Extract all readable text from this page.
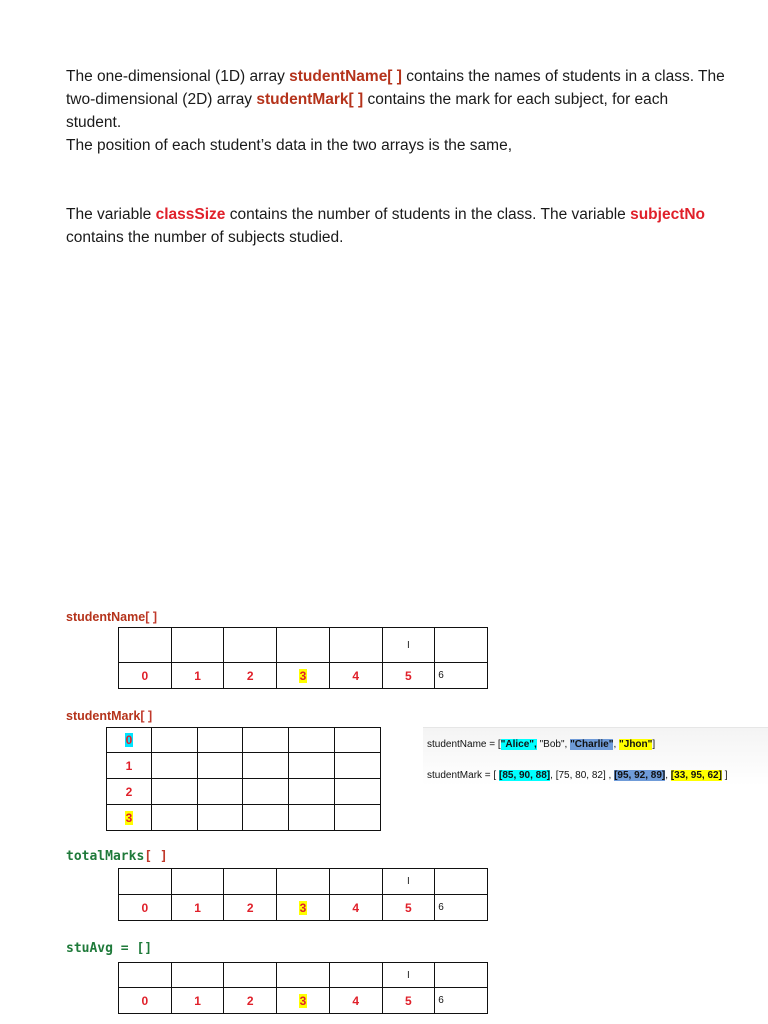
The one-dimensional (1D) array studentName[ ] contains the names of students in a class. The two-dimensional (2D) array studentMark[ ] contains the mark for each subject, for each student.
The position of each student’s data in the two arrays is the same,
The variable classSize contains the number of students in the class. The variable subjectNo contains the number of subjects studied.
studentName[ ]
					I	
0	1	2	3	4	5	6
studentMark[ ]
0					
1					
2					
3					
studentName = ["Alice", "Bob", "Charlie", "Jhon"]
studentMark = [ [85, 90, 88], [75, 80, 82] , [95, 92, 89], [33, 95, 62] ]
totalMarks[ ]
					I	
0	1	2	3	4	5	6
stuAvg = []
					I	
0	1	2	3	4	5	6
